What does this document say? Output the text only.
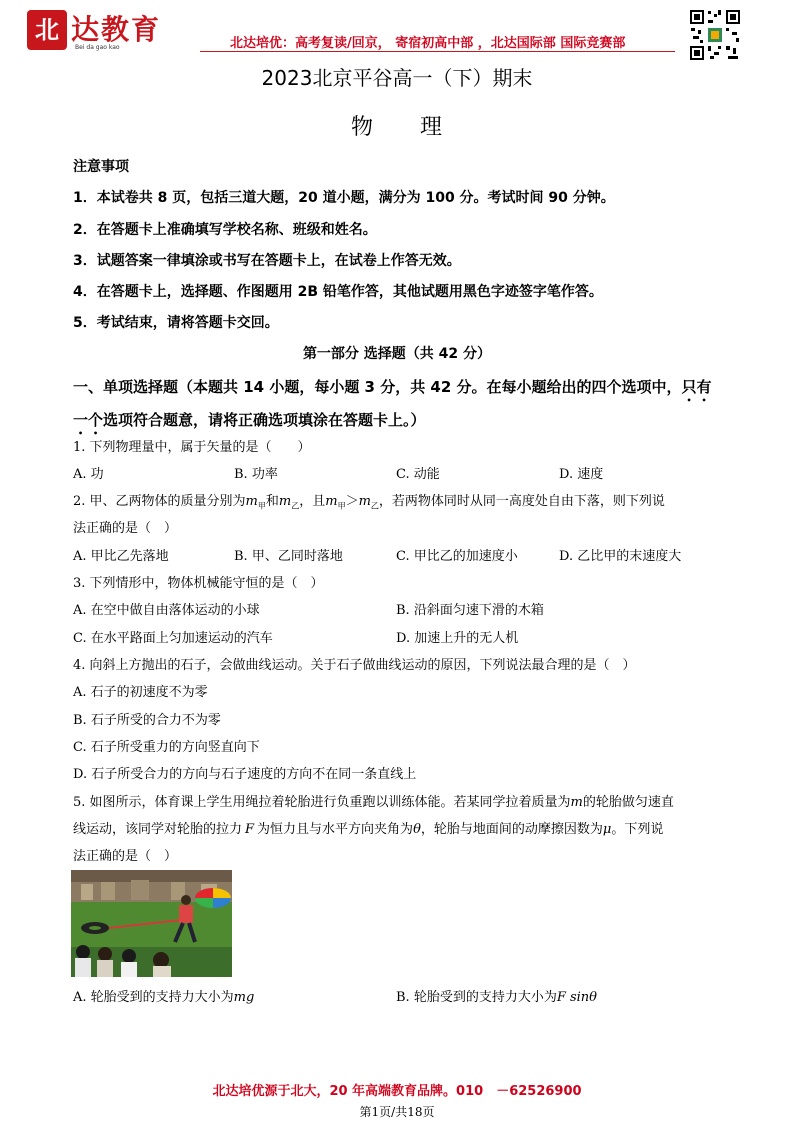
北 达教育
Bei da gao kao	北达培优：高考复读/回京， 寄宿初高中部 ，北达国际部 国际竞赛部
2023北京平谷高一（下）期末
物　　理
注意事项
1．本试卷共 8 页，包括三道大题，20 道小题，满分为 100 分。考试时间 90 分钟。
2．在答题卡上准确填写学校名称、班级和姓名。
3．试题答案一律填涂或书写在答题卡上，在试卷上作答无效。
4．在答题卡上，选择题、作图题用 2B 铅笔作答，其他试题用黑色字迹签字笔作答。
5．考试结束，请将答题卡交回。
第一部分 选择题（共 42 分）
一、单项选择题（本题共 14 小题，每小题 3 分，共 42 分。在每小题给出的四个选项中，只有一个选项符合题意，请将正确选项填涂在答题卡上。）
1. 下列物理量中，属于矢量的是（　　）
A. 功	B. 功率	C. 动能	D. 速度
2. 甲、乙两物体的质量分别为$m_甲$和$m_乙$，且$m_甲>m_乙$，若两物体同时从同一高度处自由下落，则下列说
法正确的是（　）
A. 甲比乙先落地	B. 甲、乙同时落地	C. 甲比乙的加速度小	D. 乙比甲的末速度大
3. 下列情形中，物体机械能守恒的是（　）
A. 在空中做自由落体运动的小球	B. 沿斜面匀速下滑的木箱
C. 在水平路面上匀加速运动的汽车	D. 加速上升的无人机
4. 向斜上方抛出的石子，会做曲线运动。关于石子做曲线运动的原因，下列说法最合理的是（　）
A. 石子的初速度不为零
B. 石子所受的合力不为零
C. 石子所受重力的方向竖直向下
D. 石子所受合力的方向与石子速度的方向不在同一条直线上
5. 如图所示，体育课上学生用绳拉着轮胎进行负重跑以训练体能。若某同学拉着质量为m的轮胎做匀速直
线运动，该同学对轮胎的拉力 F 为恒力且与水平方向夹角为θ，轮胎与地面间的动摩擦因数为μ。下列说
法正确的是（　）
A. 轮胎受到的支持力大小为mg	B. 轮胎受到的支持力大小为F sinθ
北达培优源于北大，20 年高端教育品牌。010　－62526900
第1页/共18页
